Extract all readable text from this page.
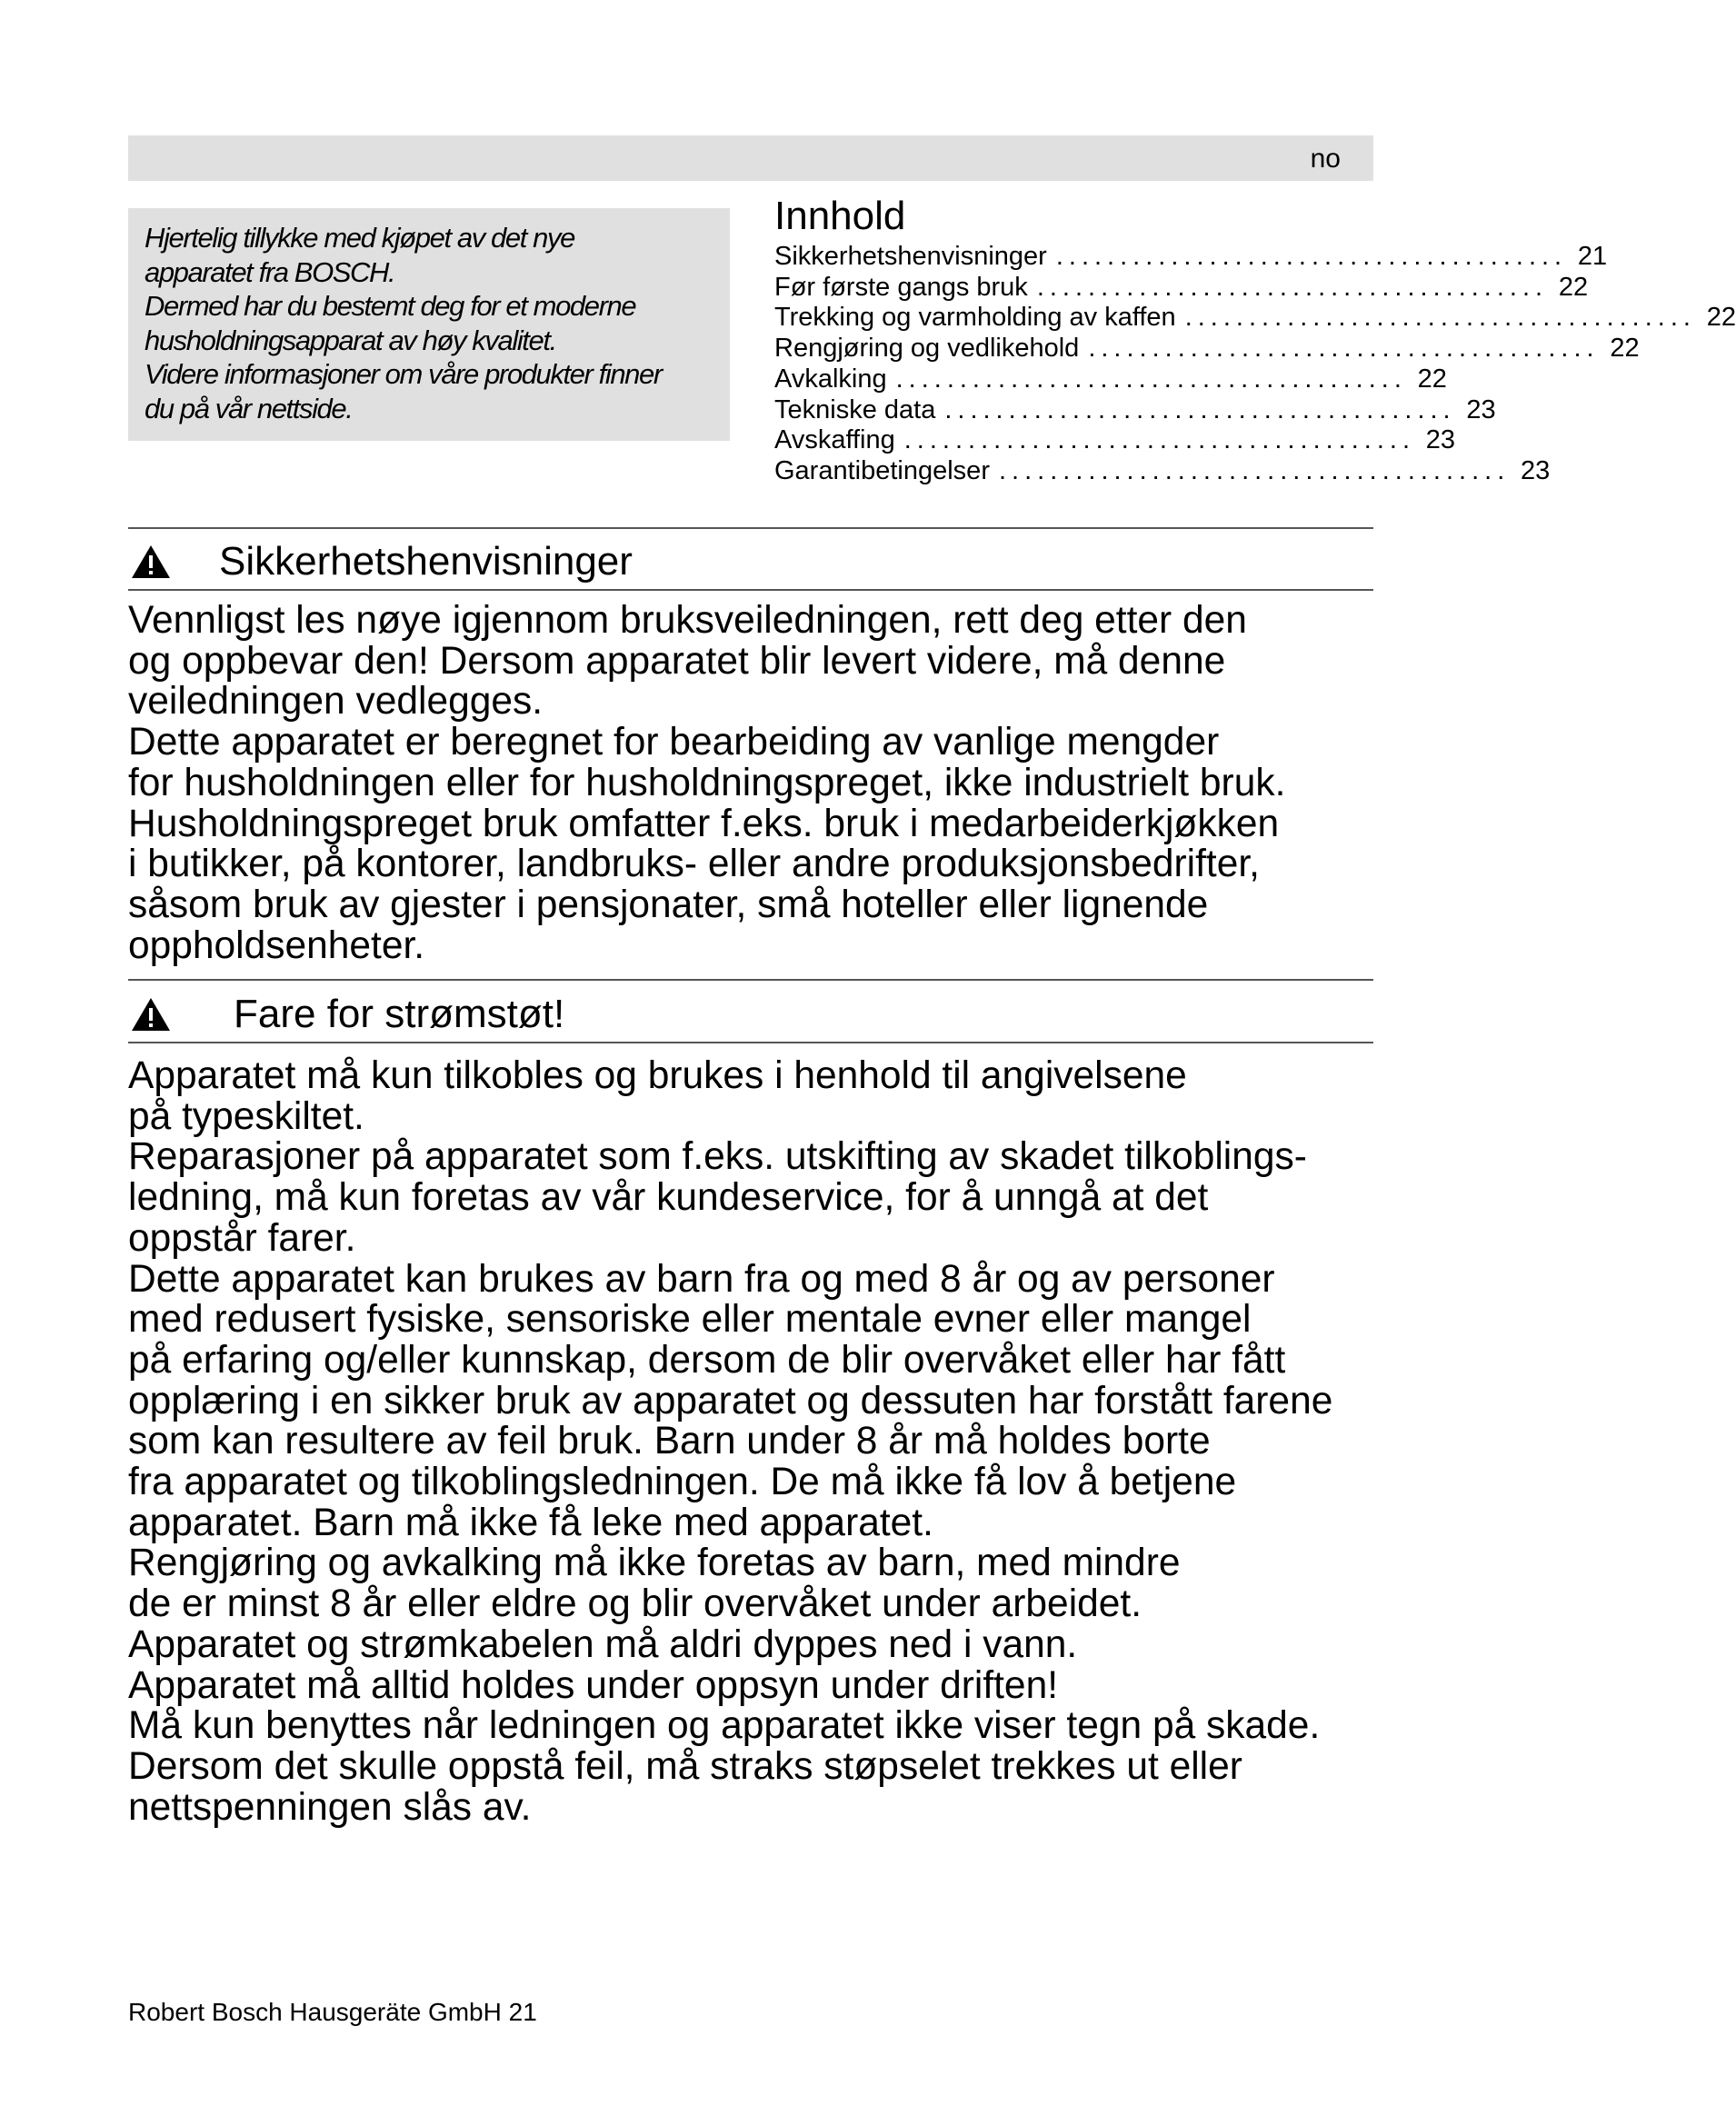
no
Hjertelig tillykke med kjøpet av det nye
apparatet fra BOSCH.
Dermed har du bestemt deg for et moderne
husholdningsapparat av høy kvalitet.
Videre informasjoner om våre produkter finner
du på vår nettside.
Innhold
Sikkerhetshenvisninger ........................................ 21
Før første gangs bruk ........................................ 22
Trekking og varmholding av kaffen ........................................ 22
Rengjøring og vedlikehold ........................................ 22
Avkalking ........................................ 22
Tekniske data ........................................ 23
Avskaffing ........................................ 23
Garantibetingelser ........................................ 23
Sikkerhetshenvisninger
Vennligst les nøye igjennom bruksveiledningen, rett deg etter den
og oppbevar den! Dersom apparatet blir levert videre, må denne
veiledningen vedlegges.
Dette apparatet er beregnet for bearbeiding av vanlige mengder
for husholdningen eller for husholdningspreget, ikke industrielt bruk.
Husholdningspreget bruk omfatter f.eks. bruk i medarbeiderkjøkken
i butikker, på kontorer, landbruks- eller andre produksjonsbedrifter,
såsom bruk av gjester i pensjonater, små hoteller eller lignende
oppholdsenheter.
Fare for strømstøt!
Apparatet må kun tilkobles og brukes i henhold til angivelsene
på typeskiltet.
Reparasjoner på apparatet som f.eks. utskifting av skadet tilkoblings-
ledning, må kun foretas av vår kundeservice, for å unngå at det
oppstår farer.
Dette apparatet kan brukes av barn fra og med 8 år og av personer
med redusert fysiske, sensoriske eller mentale evner eller mangel
på erfaring og/eller kunnskap, dersom de blir overvåket eller har fått
opplæring i en sikker bruk av apparatet og dessuten har forstått farene
som kan resultere av feil bruk. Barn under 8 år må holdes borte
fra apparatet og tilkoblingsledningen. De må ikke få lov å betjene
apparatet. Barn må ikke få leke med apparatet.
Rengjøring og avkalking må ikke foretas av barn, med mindre
de er minst 8 år eller eldre og blir overvåket under arbeidet.
Apparatet og strømkabelen må aldri dyppes ned i vann.
Apparatet må alltid holdes under oppsyn under driften!
Må kun benyttes når ledningen og apparatet ikke viser tegn på skade.
Dersom det skulle oppstå feil, må straks støpselet trekkes ut eller
nettspenningen slås av.
Robert Bosch Hausgeräte GmbH 21
